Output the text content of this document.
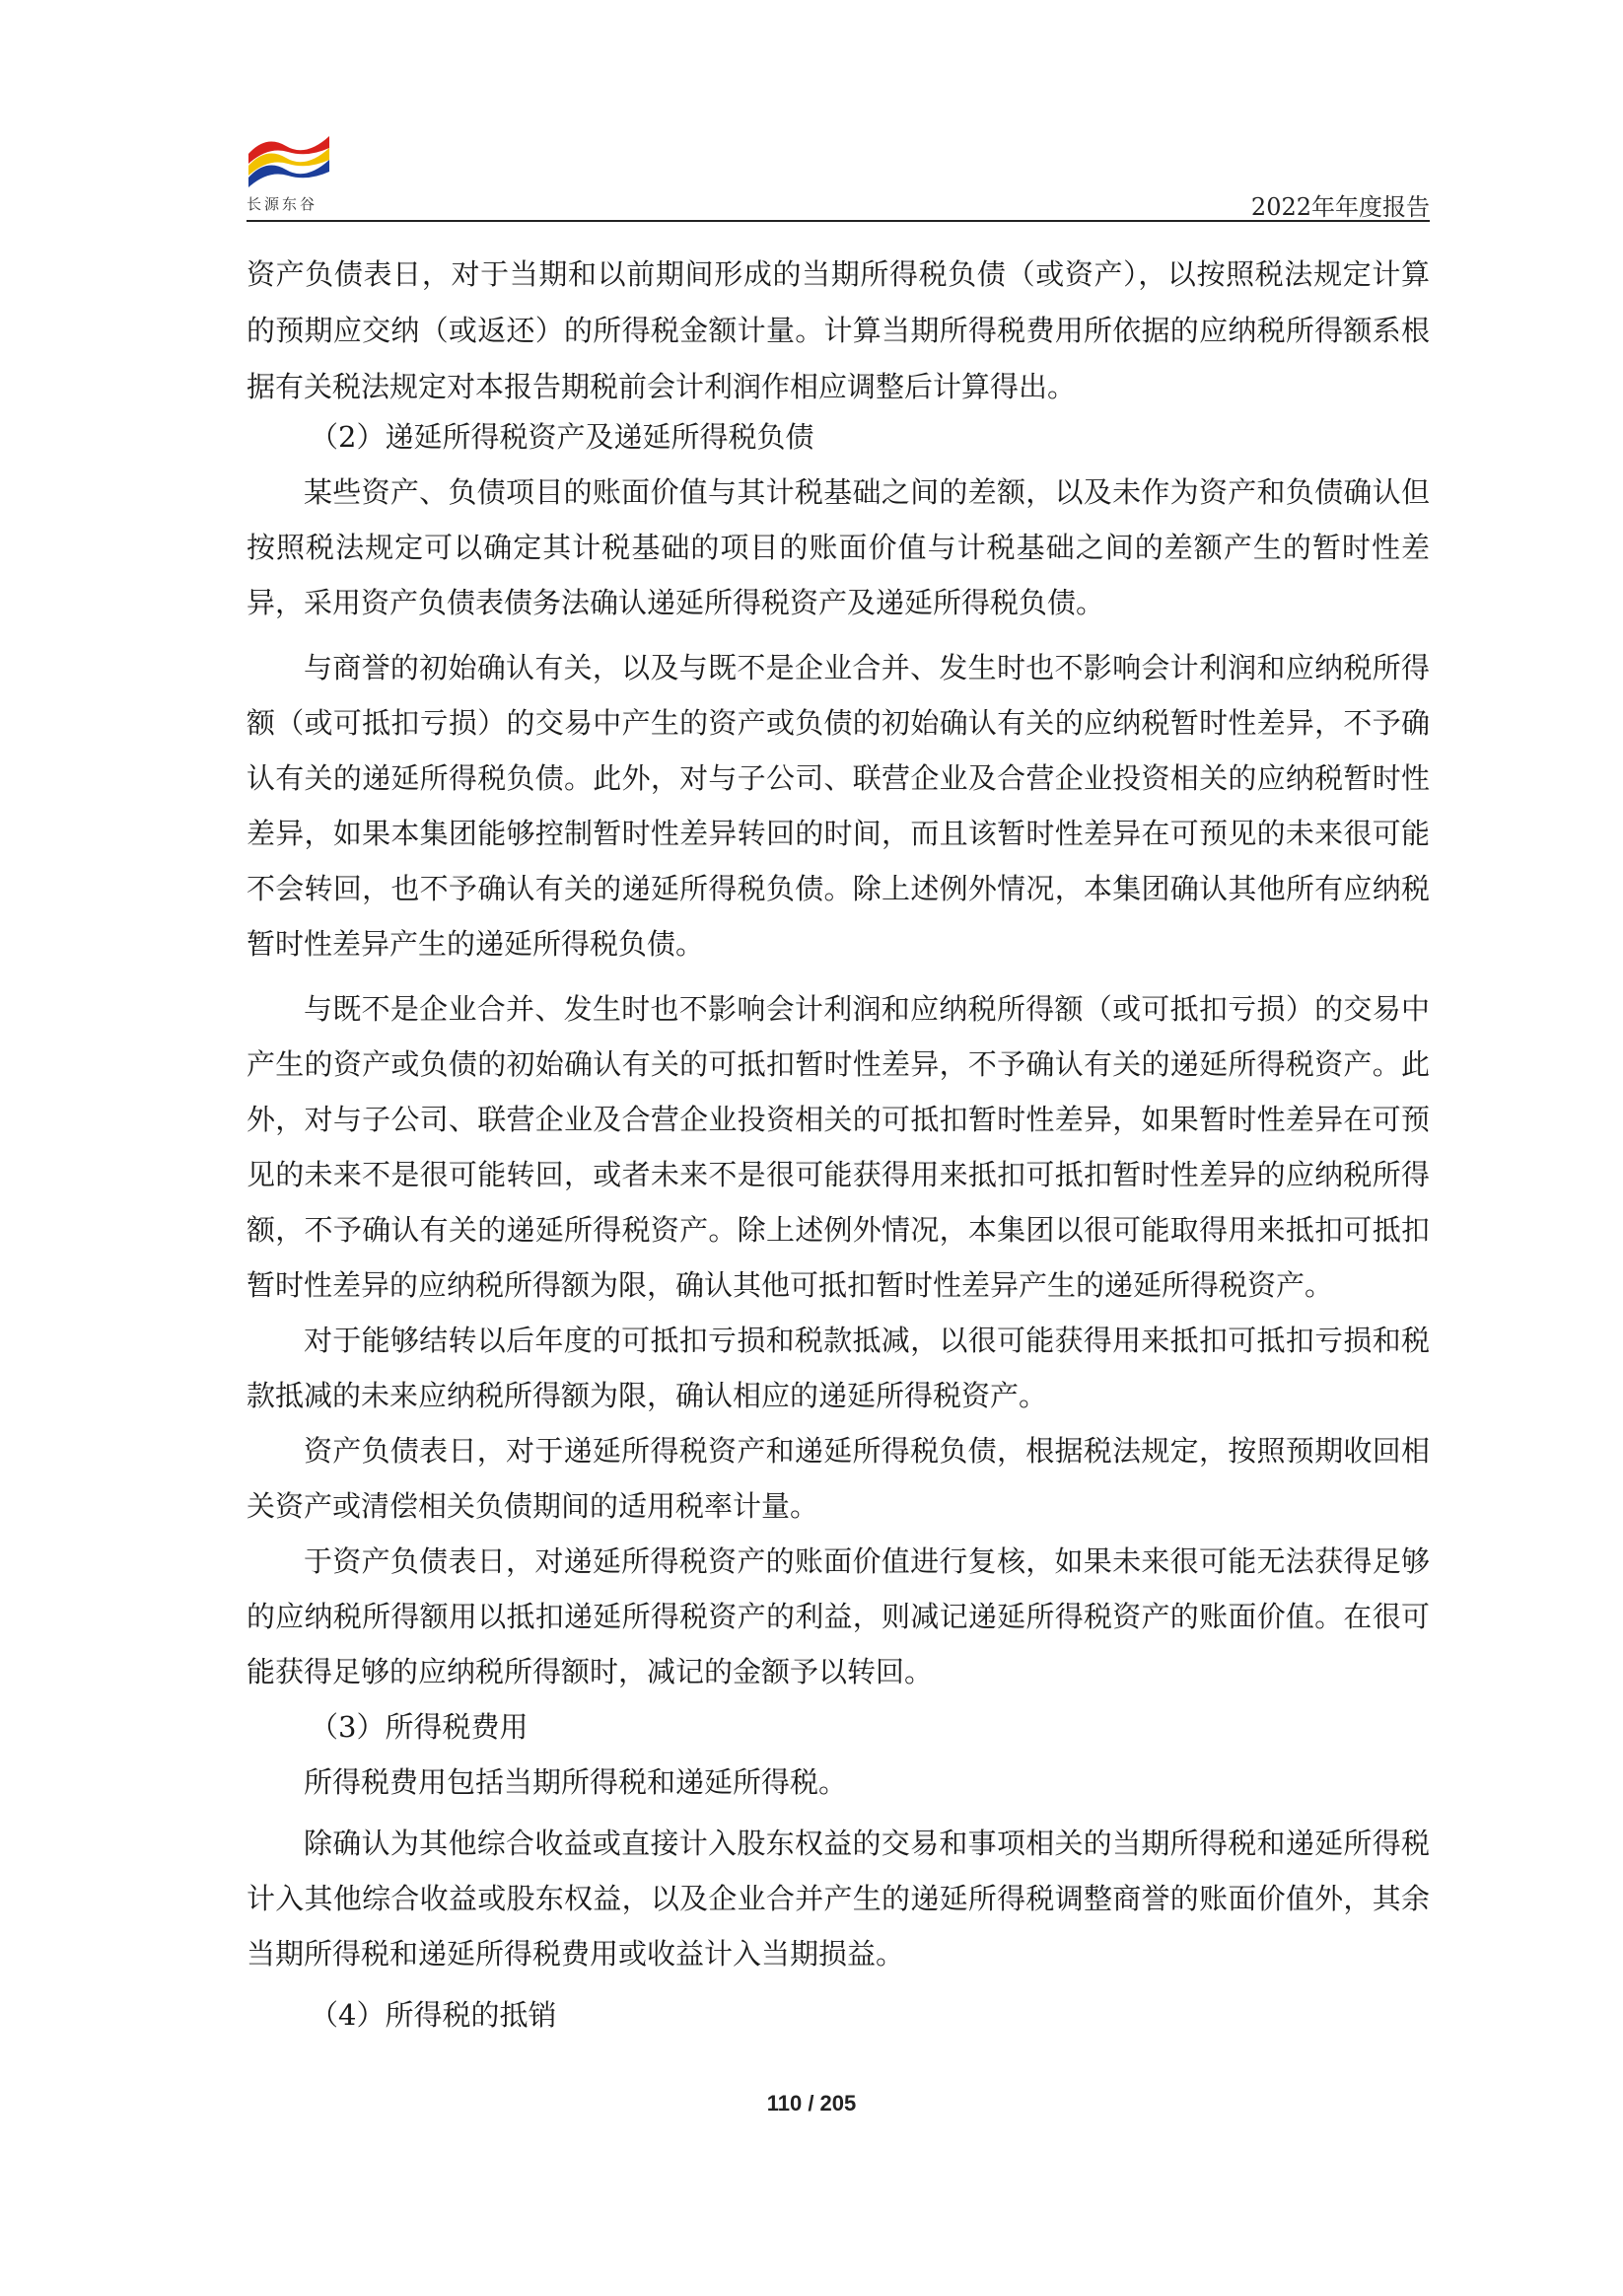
长源东谷	2022年年度报告

资产负债表日，对于当期和以前期间形成的当期所得税负债（或资产），以按照税法规定计算的预期应交纳（或返还）的所得税金额计量。计算当期所得税费用所依据的应纳税所得额系根据有关税法规定对本报告期税前会计利润作相应调整后计算得出。

（2）递延所得税资产及递延所得税负债

某些资产、负债项目的账面价值与其计税基础之间的差额，以及未作为资产和负债确认但按照税法规定可以确定其计税基础的项目的账面价值与计税基础之间的差额产生的暂时性差异，采用资产负债表债务法确认递延所得税资产及递延所得税负债。

与商誉的初始确认有关，以及与既不是企业合并、发生时也不影响会计利润和应纳税所得额（或可抵扣亏损）的交易中产生的资产或负债的初始确认有关的应纳税暂时性差异，不予确认有关的递延所得税负债。此外，对与子公司、联营企业及合营企业投资相关的应纳税暂时性差异，如果本集团能够控制暂时性差异转回的时间，而且该暂时性差异在可预见的未来很可能不会转回，也不予确认有关的递延所得税负债。除上述例外情况，本集团确认其他所有应纳税暂时性差异产生的递延所得税负债。

与既不是企业合并、发生时也不影响会计利润和应纳税所得额（或可抵扣亏损）的交易中产生的资产或负债的初始确认有关的可抵扣暂时性差异，不予确认有关的递延所得税资产。此外，对与子公司、联营企业及合营企业投资相关的可抵扣暂时性差异，如果暂时性差异在可预见的未来不是很可能转回，或者未来不是很可能获得用来抵扣可抵扣暂时性差异的应纳税所得额，不予确认有关的递延所得税资产。除上述例外情况，本集团以很可能取得用来抵扣可抵扣暂时性差异的应纳税所得额为限，确认其他可抵扣暂时性差异产生的递延所得税资产。

对于能够结转以后年度的可抵扣亏损和税款抵减，以很可能获得用来抵扣可抵扣亏损和税款抵减的未来应纳税所得额为限，确认相应的递延所得税资产。

资产负债表日，对于递延所得税资产和递延所得税负债，根据税法规定，按照预期收回相关资产或清偿相关负债期间的适用税率计量。

于资产负债表日，对递延所得税资产的账面价值进行复核，如果未来很可能无法获得足够的应纳税所得额用以抵扣递延所得税资产的利益，则减记递延所得税资产的账面价值。在很可能获得足够的应纳税所得额时，减记的金额予以转回。

（3）所得税费用

所得税费用包括当期所得税和递延所得税。

除确认为其他综合收益或直接计入股东权益的交易和事项相关的当期所得税和递延所得税计入其他综合收益或股东权益，以及企业合并产生的递延所得税调整商誉的账面价值外，其余当期所得税和递延所得税费用或收益计入当期损益。

（4）所得税的抵销

110 / 205
